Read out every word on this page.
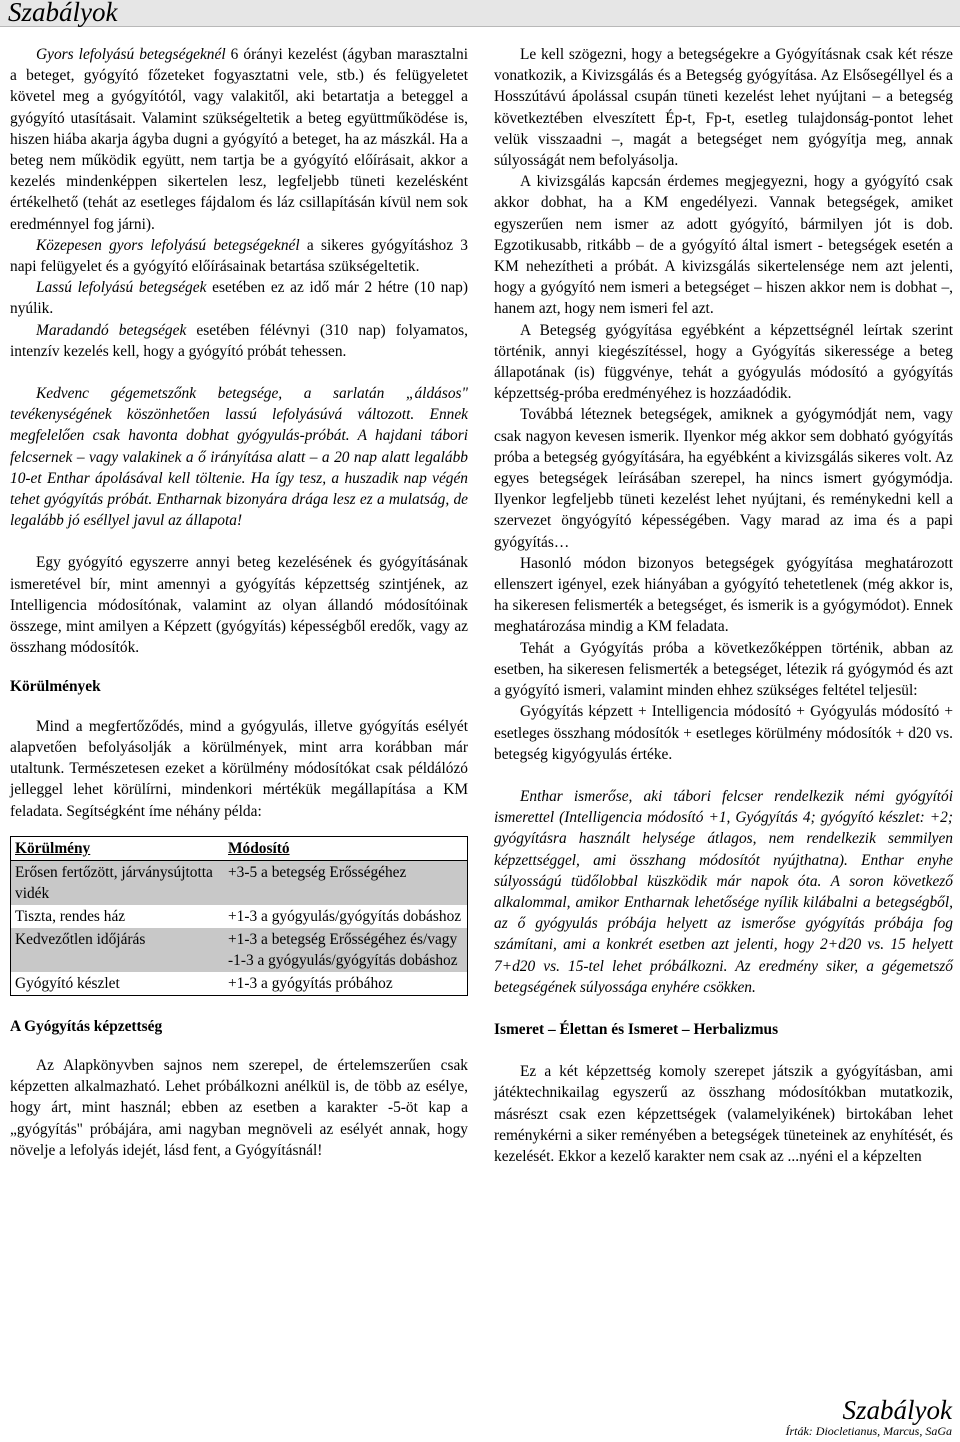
Szabályok

Gyors lefolyású betegségeknél 6 órányi kezelést (ágyban marasztalni a beteget, gyógyító főzeteket fogyasztatni vele, stb.) és felügyeletet követel meg a gyógyítótól, vagy valakitől, aki betartatja a beteggel a gyógyító utasításait. Valamint szükségeltetik a beteg együttműködése is, hiszen hiába akarja ágyba dugni a gyógyító a beteget, ha az mászkál. Ha a beteg nem működik együtt, nem tartja be a gyógyító előírásait, akkor a kezelés mindenképpen sikertelen lesz, legfeljebb tüneti kezelésként értékelhető (tehát az esetleges fájdalom és láz csillapításán kívül nem sok eredménnyel fog járni).

Közepesen gyors lefolyású betegségeknél a sikeres gyógyításhoz 3 napi felügyelet és a gyógyító előírásainak betartása szükségeltetik.

Lassú lefolyású betegségek esetében ez az idő már 2 hétre (10 nap) nyúlik.

Maradandó betegségek esetében félévnyi (310 nap) folyamatos, intenzív kezelés kell, hogy a gyógyító próbát tehessen.

Kedvenc gégemetszőnk betegsége, a sarlatán „áldásos" tevékenységének köszönhetően lassú lefolyásúvá változott. Ennek megfelelően csak havonta dobhat gyógyulás-próbát. A hajdani tábori felcsernek – vagy valakinek a ő irányítása alatt – a 20 nap alatt legalább 10-et Enthar ápolásával kell töltenie. Ha így tesz, a huszadik nap végén tehet gyógyítás próbát. Entharnak bizonyára drága lesz ez a mulatság, de legalább jó eséllyel javul az állapota!

Egy gyógyító egyszerre annyi beteg kezelésének és gyógyításának ismeretével bír, mint amennyi a gyógyítás képzettség szintjének, az Intelligencia módosítónak, valamint az olyan állandó módosítóinak összege, mint amilyen a Képzett (gyógyítás) képességből eredők, vagy az összhang módosítók.

Körülmények

Mind a megfertőződés, mind a gyógyulás, illetve gyógyítás esélyét alapvetően befolyásolják a körülmények, mint arra korábban már utaltunk. Természetesen ezeket a körülmény módosítókat csak példálózó jelleggel lehet körülírni, mindenkori mértékük megállapítása a KM feladata. Segítségként íme néhány példa:

Körülmény	Módosító
Erősen fertőzött, járványsújtotta vidék	+3-5 a betegség Erősségéhez
Tiszta, rendes ház	+1-3 a gyógyulás/gyógyítás dobáshoz
Kedvezőtlen időjárás	+1-3 a betegség Erősségéhez és/vagy -1-3 a gyógyulás/gyógyítás dobáshoz
Gyógyító készlet	+1-3 a gyógyítás próbához

A Gyógyítás képzettség

Az Alapkönyvben sajnos nem szerepel, de értelemszerűen csak képzetten alkalmazható. Lehet próbálkozni anélkül is, de több az esélye, hogy árt, mint használ; ebben az esetben a karakter -5-öt kap a „gyógyítás" próbájára, ami nagyban megnöveli az esélyét annak, hogy növelje a lefolyás idejét, lásd fent, a Gyógyításnál!

Le kell szögezni, hogy a betegségekre a Gyógyításnak csak két része vonatkozik, a Kivizsgálás és a Betegség gyógyítása. Az Elsősegéllyel és a Hosszútávú ápolással csupán tüneti kezelést lehet nyújtani – a betegség következtében elveszített Ép-t, Fp-t, esetleg tulajdonság-pontot lehet velük visszaadni –, magát a betegséget nem gyógyítja meg, annak súlyosságát nem befolyásolja.

A kivizsgálás kapcsán érdemes megjegyezni, hogy a gyógyító csak akkor dobhat, ha a KM engedélyezi. Vannak betegségek, amiket egyszerűen nem ismer az adott gyógyító, bármilyen jót is dob. Egzotikusabb, ritkább – de a gyógyító által ismert - betegségek esetén a KM nehezítheti a próbát. A kivizsgálás sikertelensége nem azt jelenti, hogy a gyógyító nem ismeri a betegséget – hiszen akkor nem is dobhat –, hanem azt, hogy nem ismeri fel azt.

A Betegség gyógyítása egyébként a képzettségnél leírtak szerint történik, annyi kiegészítéssel, hogy a Gyógyítás sikeressége a beteg állapotának (is) függvénye, tehát a gyógyulás módosító a gyógyítás képzettség-próba eredményéhez is hozzáadódik.

Továbbá léteznek betegségek, amiknek a gyógymódját nem, vagy csak nagyon kevesen ismerik. Ilyenkor még akkor sem dobható gyógyítás próba a betegség gyógyítására, ha egyébként a kivizsgálás sikeres volt. Az egyes betegségek leírásában szerepel, ha nincs ismert gyógymódja. Ilyenkor legfeljebb tüneti kezelést lehet nyújtani, és reménykedni kell a szervezet öngyógyító képességében. Vagy marad az ima és a papi gyógyítás…

Hasonló módon bizonyos betegségek gyógyítása meghatározott ellenszert igényel, ezek hiányában a gyógyító tehetetlenek (még akkor is, ha sikeresen felismerték a betegséget, és ismerik is a gyógymódot). Ennek meghatározása mindig a KM feladata.

Tehát a Gyógyítás próba a következőképpen történik, abban az esetben, ha sikeresen felismerték a betegséget, létezik rá gyógymód és azt a gyógyító ismeri, valamint minden ehhez szükséges feltétel teljesül:

Gyógyítás képzett + Intelligencia módosító + Gyógyulás módosító + esetleges összhang módosítók + esetleges körülmény módosítók + d20 vs. betegség kigyógyulás értéke.

Enthar ismerőse, aki tábori felcser rendelkezik némi gyógyítói ismerettel (Intelligencia módosító +1, Gyógyítás 4; gyógyító készlet: +2; gyógyításra használt helysége átlagos, nem rendelkezik semmilyen képzettséggel, ami összhang módosítót nyújthatna). Enthar enyhe súlyosságú tüdőlobbal küszködik már napok óta. A soron következő alkalommal, amikor Entharnak lehetősége nyílik kilábalni a betegségből, az ő gyógyulás próbája helyett az ismerőse gyógyítás próbája fog számítani, ami a konkrét esetben azt jelenti, hogy 2+d20 vs. 15 helyett 7+d20 vs. 15-tel lehet próbálkozni. Az eredmény siker, a gégemetsző betegségének súlyossága enyhére csökken.

Ismeret – Élettan és Ismeret – Herbalizmus

Ez a két képzettség komoly szerepet játszik a gyógyításban, ami játéktechnikailag egyszerű az összhang módosítókban mutatkozik, másrészt csak ezen képzettségek (valamelyikének) birtokában lehet reménykérni a siker reményében a betegségek tüneteinek az enyhítését, és kezelését. Ekkor a kezelő karakter nem csak az ...nyéni el a képzelten

Szabályok
Írták: Diocletianus, Marcus, SaGa
